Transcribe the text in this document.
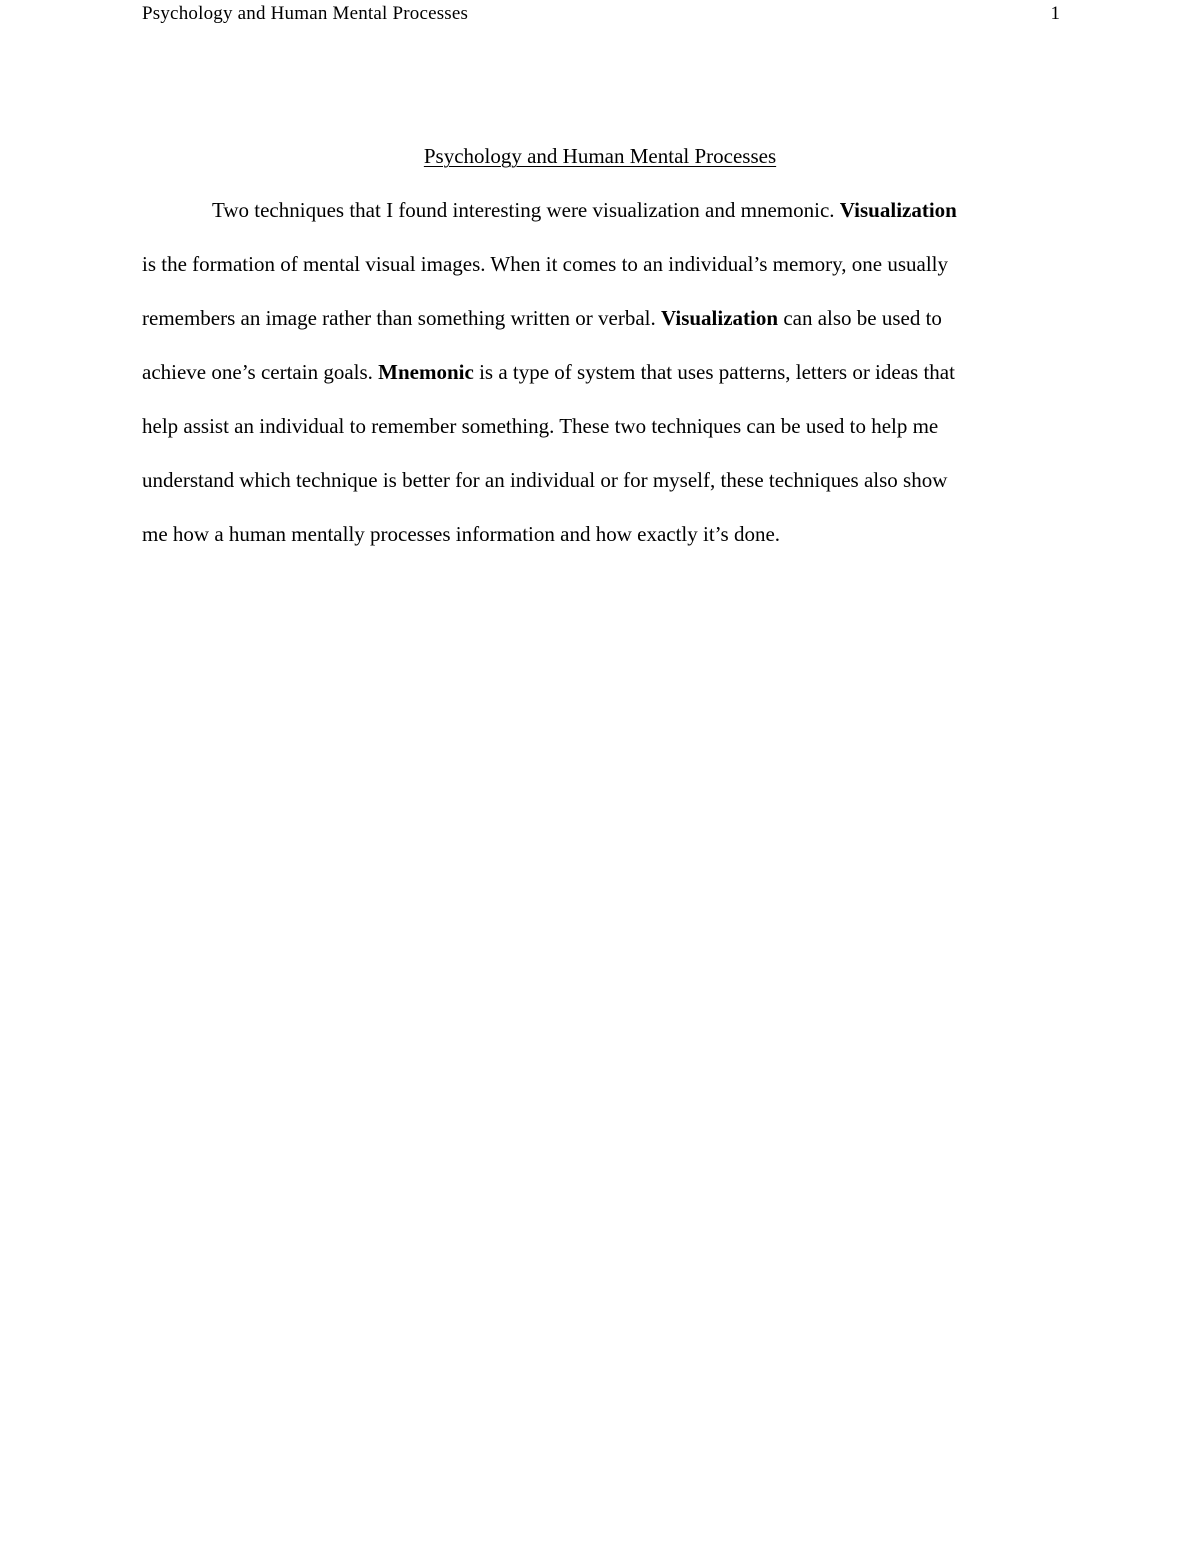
Psychology and Human Mental Processes	1
Psychology and Human Mental Processes
Two techniques that I found interesting were visualization and mnemonic. Visualization
is the formation of mental visual images. When it comes to an individual’s memory, one usually
remembers an image rather than something written or verbal. Visualization can also be used to
achieve one’s certain goals. Mnemonic is a type of system that uses patterns, letters or ideas that
help assist an individual to remember something. These two techniques can be used to help me
understand which technique is better for an individual or for myself, these techniques also show
me how a human mentally processes information and how exactly it’s done.
